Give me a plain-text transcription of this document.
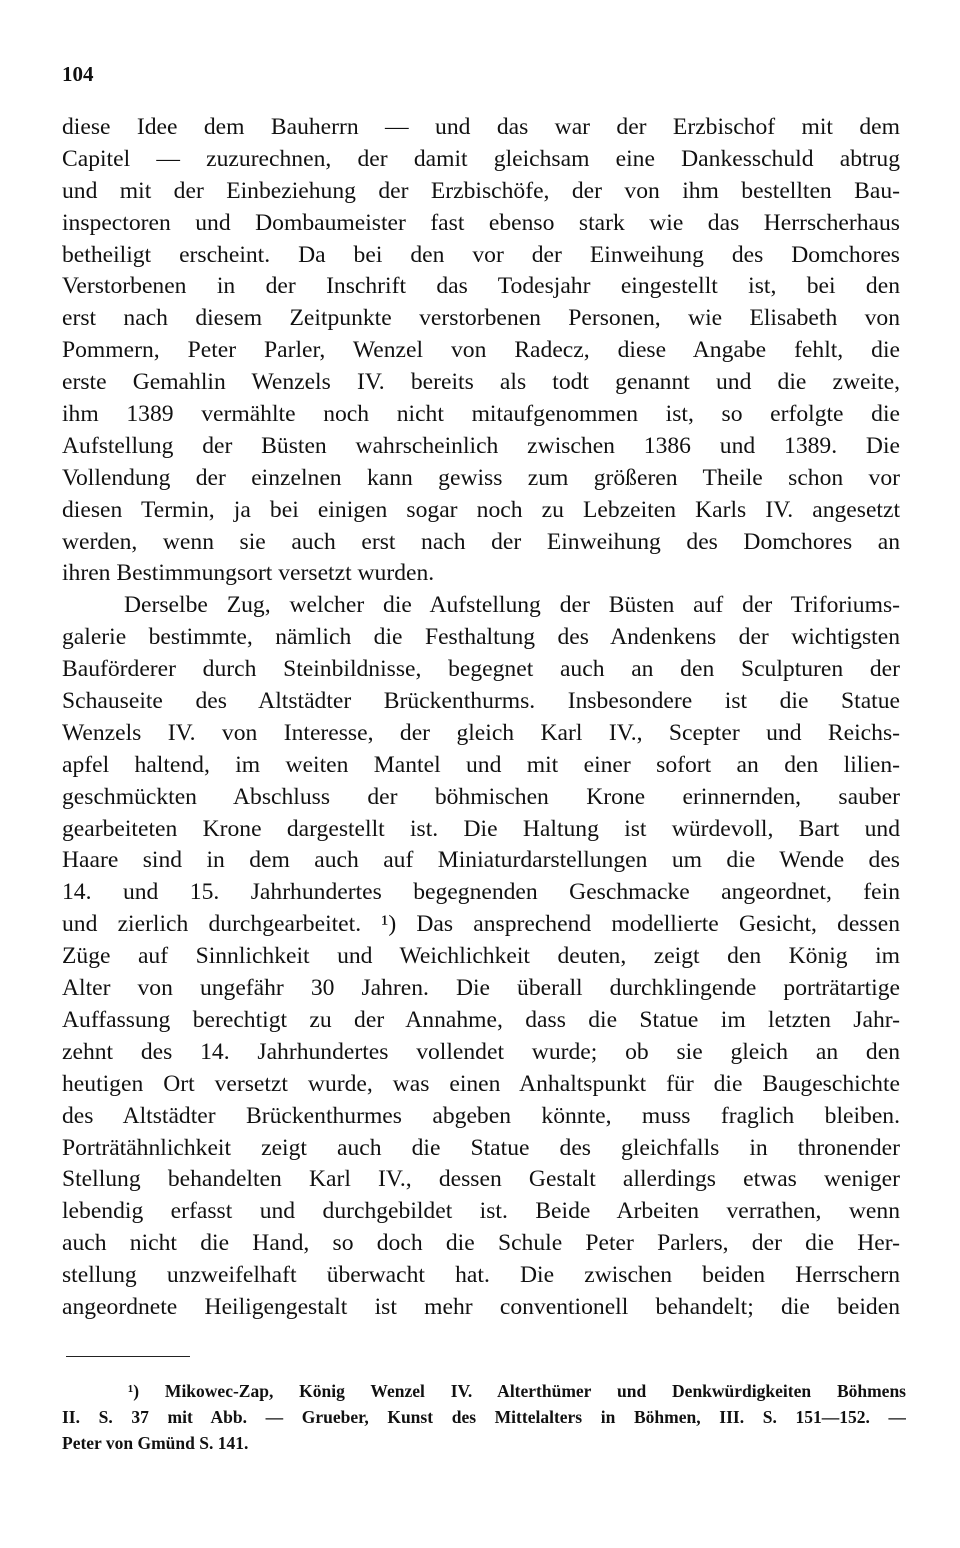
104
diese Idee dem Bauherrn — und das war der Erzbischof mit dem
Capitel — zuzurechnen, der damit gleichsam eine Dankesschuld abtrug
und mit der Einbeziehung der Erzbischöfe, der von ihm bestellten Bau-
inspectoren und Dombaumeister fast ebenso stark wie das Herrscherhaus
betheiligt erscheint. Da bei den vor der Einweihung des Domchores
Verstorbenen in der Inschrift das Todesjahr eingestellt ist, bei den
erst nach diesem Zeitpunkte verstorbenen Personen, wie Elisabeth von
Pommern, Peter Parler, Wenzel von Radecz, diese Angabe fehlt, die
erste Gemahlin Wenzels IV. bereits als todt genannt und die zweite,
ihm 1389 vermählte noch nicht mitaufgenommen ist, so erfolgte die
Aufstellung der Büsten wahrscheinlich zwischen 1386 und 1389. Die
Vollendung der einzelnen kann gewiss zum größeren Theile schon vor
diesen Termin, ja bei einigen sogar noch zu Lebzeiten Karls IV. angesetzt
werden, wenn sie auch erst nach der Einweihung des Domchores an
ihren Bestimmungsort versetzt wurden.
Derselbe Zug, welcher die Aufstellung der Büsten auf der Triforiums-
galerie bestimmte, nämlich die Festhaltung des Andenkens der wichtigsten
Bauförderer durch Steinbildnisse, begegnet auch an den Sculpturen der
Schauseite des Altstädter Brückenthurms. Insbesondere ist die Statue
Wenzels IV. von Interesse, der gleich Karl IV., Scepter und Reichs-
apfel haltend, im weiten Mantel und mit einer sofort an den lilien-
geschmückten Abschluss der böhmischen Krone erinnernden, sauber
gearbeiteten Krone dargestellt ist. Die Haltung ist würdevoll, Bart und
Haare sind in dem auch auf Miniaturdarstellungen um die Wende des
14. und 15. Jahrhundertes begegnenden Geschmacke angeordnet, fein
und zierlich durchgearbeitet. ¹) Das ansprechend modellierte Gesicht, dessen
Züge auf Sinnlichkeit und Weichlichkeit deuten, zeigt den König im
Alter von ungefähr 30 Jahren. Die überall durchklingende porträtartige
Auffassung berechtigt zu der Annahme, dass die Statue im letzten Jahr-
zehnt des 14. Jahrhundertes vollendet wurde; ob sie gleich an den
heutigen Ort versetzt wurde, was einen Anhaltspunkt für die Baugeschichte
des Altstädter Brückenthurmes abgeben könnte, muss fraglich bleiben.
Porträtähnlichkeit zeigt auch die Statue des gleichfalls in thronender
Stellung behandelten Karl IV., dessen Gestalt allerdings etwas weniger
lebendig erfasst und durchgebildet ist. Beide Arbeiten verrathen, wenn
auch nicht die Hand, so doch die Schule Peter Parlers, der die Her-
stellung unzweifelhaft überwacht hat. Die zwischen beiden Herrschern
angeordnete Heiligengestalt ist mehr conventionell behandelt; die beiden
¹) Mikowec-Zap, König Wenzel IV. Alterthümer und Denkwürdigkeiten Böhmens
II. S. 37 mit Abb. — Grueber, Kunst des Mittelalters in Böhmen, III. S. 151—152. —
Peter von Gmünd S. 141.
